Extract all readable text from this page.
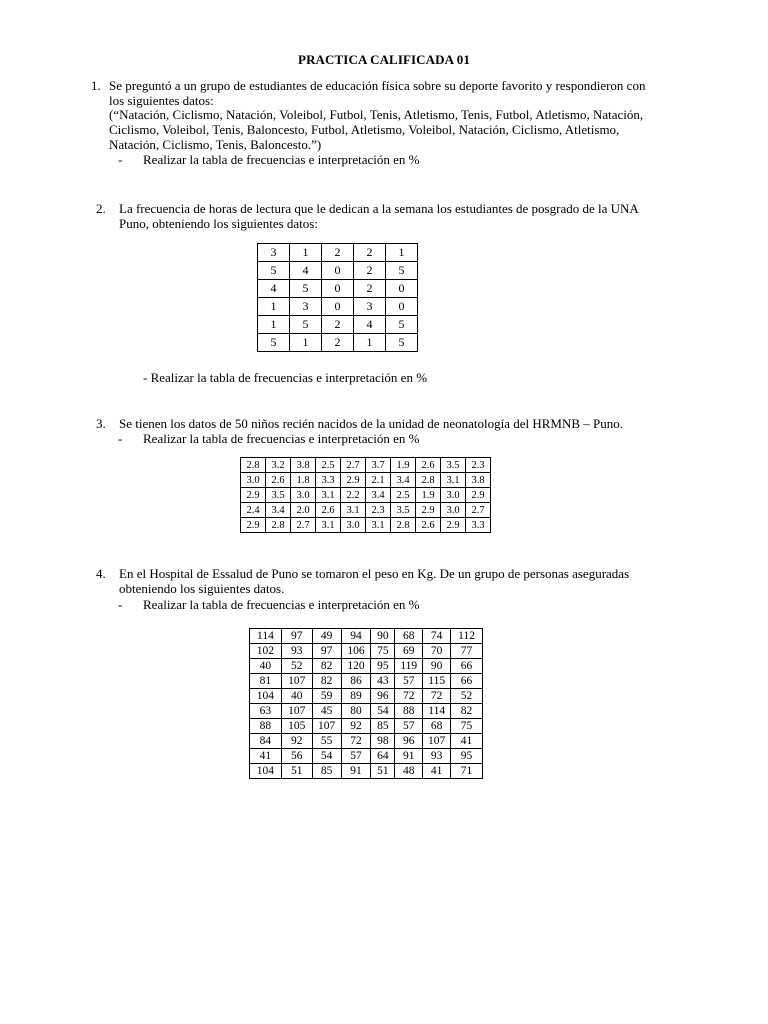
PRACTICA CALIFICADA 01
1. Se preguntó a un grupo de estudiantes de educación física sobre su deporte favorito y respondieron con
los siguientes datos:
(“Natación, Ciclismo, Natación, Voleibol, Futbol, Tenis, Atletismo, Tenis, Futbol, Atletismo, Natación,
Ciclismo, Voleibol, Tenis, Baloncesto, Futbol, Atletismo, Voleibol, Natación, Ciclismo, Atletismo,
Natación, Ciclismo, Tenis, Baloncesto.”)
- Realizar la tabla de frecuencias e interpretación en %
2. La frecuencia de horas de lectura que le dedican a la semana los estudiantes de posgrado de la UNA
Puno, obteniendo los siguientes datos:
3	1	2	2	1
5	4	0	2	5
4	5	0	2	0
1	3	0	3	0
1	5	2	4	5
5	1	2	1	5
- Realizar la tabla de frecuencias e interpretación en %
3. Se tienen los datos de 50 niños recién nacidos de la unidad de neonatología del HRMNB – Puno.
- Realizar la tabla de frecuencias e interpretación en %
2.8	3.2	3.8	2.5	2.7	3.7	1.9	2.6	3.5	2.3
3.0	2.6	1.8	3.3	2.9	2.1	3.4	2.8	3.1	3.8
2.9	3.5	3.0	3.1	2.2	3.4	2.5	1.9	3.0	2.9
2.4	3.4	2.0	2.6	3.1	2.3	3.5	2.9	3.0	2.7
2.9	2.8	2.7	3.1	3.0	3.1	2.8	2.6	2.9	3.3
4. En el Hospital de Essalud de Puno se tomaron el peso en Kg. De un grupo de personas aseguradas
obteniendo los siguientes datos.
- Realizar la tabla de frecuencias e interpretación en %
114	97	49	94	90	68	74	112
102	93	97	106	75	69	70	77
40	52	82	120	95	119	90	66
81	107	82	86	43	57	115	66
104	40	59	89	96	72	72	52
63	107	45	80	54	88	114	82
88	105	107	92	85	57	68	75
84	92	55	72	98	96	107	41
41	56	54	57	64	91	93	95
104	51	85	91	51	48	41	71
